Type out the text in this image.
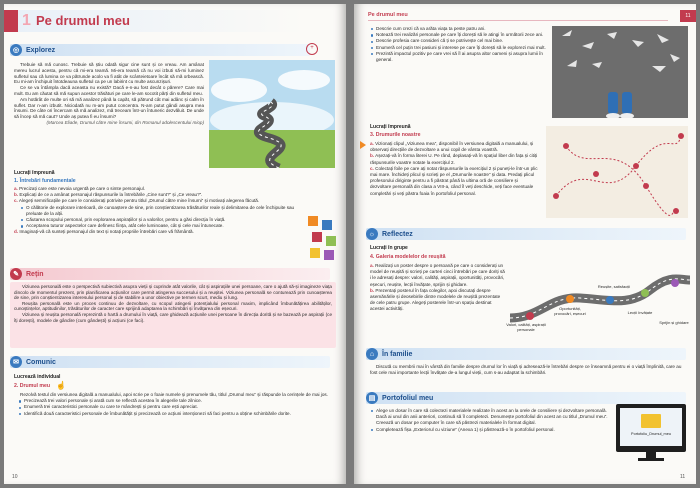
1 Pe drumul meu
◎ Explorez	+

Trebuie să mă cunosc. Trebuie să știu odată sigur cine sunt și ce vreau. Am amânat mereu lucrul acesta, pentru că mi-era teamă. Mi-era teamă că nu voi izbuti să-mi luminez sufletul sau că lumina ce va pătrunde acolo va fi atât de scânteietoare încât să mă orbească. Eu mi-am închipuit întotdeauna sufletul ca pe un labirint cu multe ascunzișuri.

Ce se va întâmpla dacă aceasta nu există? Dacă e-n-au fost decât o părere? Care mai mult. Eu am căutat să mă supun acestor trăsături pe care le-am socotit părți din sufletul meu.

Am hotărât de multe ori să mă analizez până la capăt, să pătrund cât mai adânc și calm în suflet. Dar n-am izbutit. Niciodată nu m-am putut concentra. N-am putut gândi asupra mea însumi. De câte ori încercam să mă analizez, mă treceam într-un întuneric dezvăluit. De unde să încep să mă caut? Unde aș putea fi eu însumi?

(Marcea Eliade, Drumul către mine însumi, din Romanul adolescentului miop)

Lucrați împreună
1. Întrebări fundamentale
a. Precizați care este nevoia urgentă pe care o simte personajul.
b. Explicați de ce a amânat personajul răspunsurile la întrebările „Cine sunt?” și „Ce vreau?”.
c. Alegeți semnificațiile pe care le considerați potrivite pentru titlul „Drumul către mine însumi” și motivați alegerea făcută.
O călătorie de explorare interioară, de cunoaștere de sine, prin conștientizarea trăsăturilor reale și delimitarea de cele închipuite sau preluate de la alții.
Căutarea scopului personal, prin explorarea aspirațiilor și a valorilor, pentru a găsi direcția în viață.
Acceptarea tuturor aspectelor care definesc ființa, atât cele luminoase, cât și cele mai întunecate.
d. Imaginați-vă că sunteți personajul din text și notați propriile întrebări care vă frământă.
✎	Rețin

Viziunea personală este o perspectivă subiectivă asupra vieții și cuprinde atât valorile, cât și aspirațiile unei persoane, care o ajută să-și imagineze viața dincolo de momentul prezent, prin planificarea acțiunilor care permit atingerea succesului și a reușitei. Viziunea personală se conturează prin cunoașterea de sine, prin conștientizarea interesului personal și de stabilire a unor obiective pe termen scurt, mediu și lung.

Reușita personală este un proces continuu de dezvoltare, cu scopul atingerii potențialului personal maxim, implicând îmbunătățirea abilităților, cunoștințelor, aptitudinilor, trăsăturilor de caracter care sprijină adaptarea la schimbări și învățarea din eșecuri.

Viziunea și reușita personală reprezintă o hartă a drumului în viață, care ghidează acțiunile unei persoane în direcția dorită și se bazează pe aspirații (ce îți dorești), modele de gândire (cum gândești) și acțiuni (ce faci).

✉	Comunic
Lucrează individual
2. Drumul meu ☝

Rezolvă testul din versiunea digitală a manualului, apoi scrie pe o foaie numele și prenumele tău, titlul „Drumul meu” și răspunde la cerințele de mai jos.

Precizează trei valori personale și arată cum se reflectă acestea în alegerile tale zilnice.
Enumeră trei caracteristici personale cu care te mândrești și pentru care ești apreciat.
Identifică două caracteristici personale de îmbunătățit și precizează ce acțiuni intenționezi să faci pentru a obține schimbările dorite.
10
Pe drumul meu	11
Descrie cum crezi că va arăta viața ta peste patru ani.
Notează trei realizări personale pe care îți dorești să le atingi în următorii zece ani.
Descrie profesia care consideri că ți se potrivește cel mai bine.
Enumeră cel puțin trei pasiuni și interese pe care îți dorești să le explorezi mai mult.
Prezintă impactul pozitiv pe care vrei să îl ai asupra altor oameni și asupra lumii în general.
Lucrați împreună
3. Drumurile noastre

a. Vizionați clipul „Viziunea mea”, disponibil în versiunea digitală a manualului, și observați direcțiile de dezvoltare a unui copil de vârsta voastră.

b. Așezați-vă în forma literei U. Pe rând, deplasați-vă în spațiul liber din fața și citiți răspunsurile voastre notate la exercițiul 2.

c. Colectați foile pe care ați notat răspunsurile la exercițiul 2 și puneți-le într-un plic mai mare. Închideți plicul și scrieți pe el „Drumurile noastre” și data. Predați plicul profesorului diriginte pentru a fi păstrat până la ultima oră de consiliere și dezvoltare personală din clasa a VIII-a, când îl veți deschide, veți face eventuale completări și veți păstra foaia în portofoliul personal.

☼ Reflectez
Lucrați în grupe
4. Galeria modelelor de reușită

a. Realizați un poster despre o persoană pe care o considerați un model de reușită și scrieți pe carteri cinci întrebări pe care doriți să i le adresați despre: valori, calități, aspirații, oportunități, provocări, eșecuri, reușite, lecții învățate, sprijin și ghidare.

b. Prezentați posterul în fața colegilor, apoi discutați despre asemănările și deosebirile dintre modelele de reușită prezentate de cele patru grupe. Alegeți posterele într-un spațiu destinat acestei activități.

Valori, calități, aspirații personale
Oportunități, provocări, eșecuri
Reușite, satisfacții
Lecții învățate
Sprijin și ghidare
⌂	În familie
Discută cu membrii mai în vârstă din familie despre drumul lor în viață și adresează-le întrebări despre ce înseamnă pentru ei o viață împlinită, care au fost cele mai importante lecții învățate de-a lungul vieții, cum s-au adaptat la schimbări.
▤ Portofoliul meu
Alege un dosar în care să colectezi materialele realizate în acest an la orele de consiliere și dezvoltare personală. Dacă ai unul din anii anteriori, continuă să îl completezi. Denumește portofoliul din acest an cu titlul „Drumul meu”. Creează un dosar pe computer în care să păstrezi materialele în format digital.
Completează fișa „Exteriorul cu viziune” (Anexa 1) și păstrează-o în portofoliul personal.
Portofoliu_Drumul_meu
11
